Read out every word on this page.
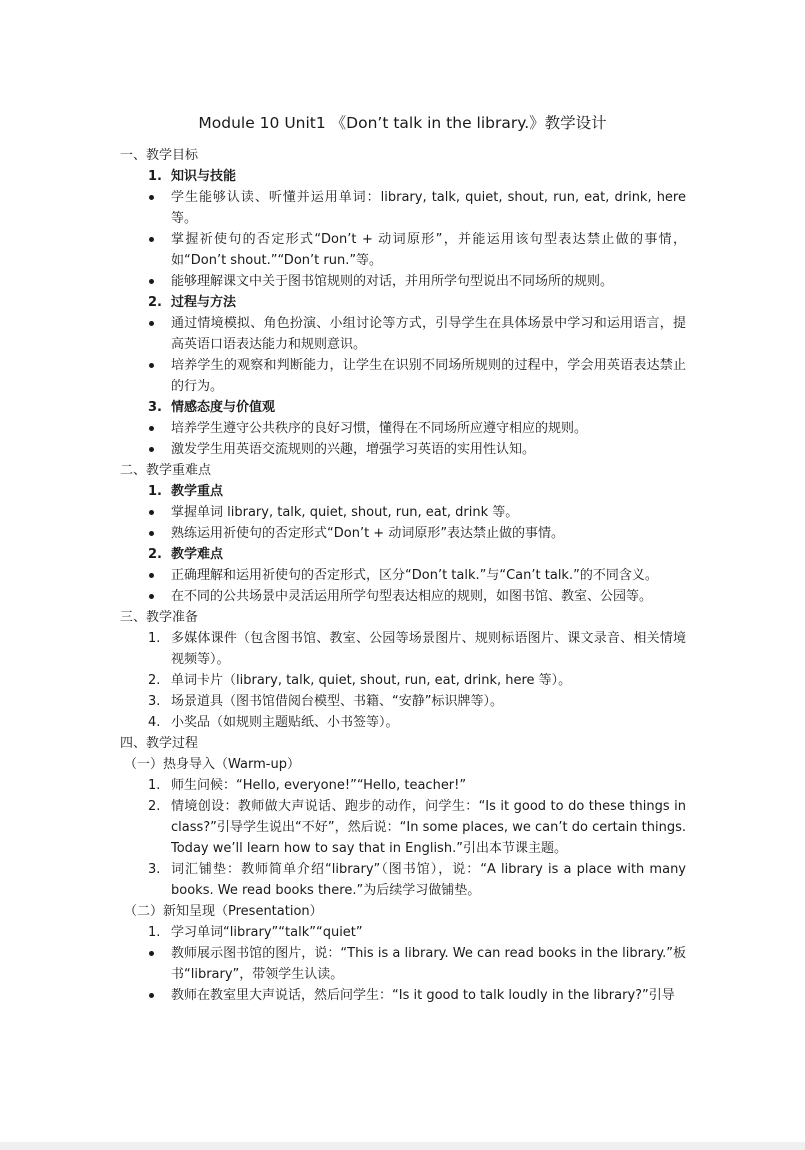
Module 10 Unit1 《Don’t talk in the library.》教学设计
一、教学目标
1. 知识与技能
学生能够认读、听懂并运用单词：library, talk, quiet, shout, run, eat, drink, here 等。
掌握祈使句的否定形式“Don’t + 动词原形”，并能运用该句型表达禁止做的事情，如“Don’t shout.”“Don’t run.”等。
能够理解课文中关于图书馆规则的对话，并用所学句型说出不同场所的规则。
2. 过程与方法
通过情境模拟、角色扮演、小组讨论等方式，引导学生在具体场景中学习和运用语言，提高英语口语表达能力和规则意识。
培养学生的观察和判断能力，让学生在识别不同场所规则的过程中，学会用英语表达禁止的行为。
3. 情感态度与价值观
培养学生遵守公共秩序的良好习惯，懂得在不同场所应遵守相应的规则。
激发学生用英语交流规则的兴趣，增强学习英语的实用性认知。
二、教学重难点
1. 教学重点
掌握单词 library, talk, quiet, shout, run, eat, drink 等。
熟练运用祈使句的否定形式“Don’t + 动词原形”表达禁止做的事情。
2. 教学难点
正确理解和运用祈使句的否定形式，区分“Don’t talk.”与“Can’t talk.”的不同含义。
在不同的公共场景中灵活运用所学句型表达相应的规则，如图书馆、教室、公园等。
三、教学准备
1. 多媒体课件（包含图书馆、教室、公园等场景图片、规则标语图片、课文录音、相关情境视频等）。
2. 单词卡片（library, talk, quiet, shout, run, eat, drink, here 等）。
3. 场景道具（图书馆借阅台模型、书籍、“安静”标识牌等）。
4. 小奖品（如规则主题贴纸、小书签等）。
四、教学过程
（一）热身导入（Warm-up）
1. 师生问候：“Hello, everyone!”“Hello, teacher!”
2. 情境创设：教师做大声说话、跑步的动作，问学生：“Is it good to do these things in class?”引导学生说出“不好”，然后说：“In some places, we can’t do certain things. Today we’ll learn how to say that in English.”引出本节课主题。
3. 词汇铺垫：教师简单介绍“library”（图书馆），说：“A library is a place with many books. We read books there.”为后续学习做铺垫。
（二）新知呈现（Presentation）
1. 学习单词“library”“talk”“quiet”
教师展示图书馆的图片，说：“This is a library. We can read books in the library.”板书“library”，带领学生认读。
教师在教室里大声说话，然后问学生：“Is it good to talk loudly in the library?”引导
